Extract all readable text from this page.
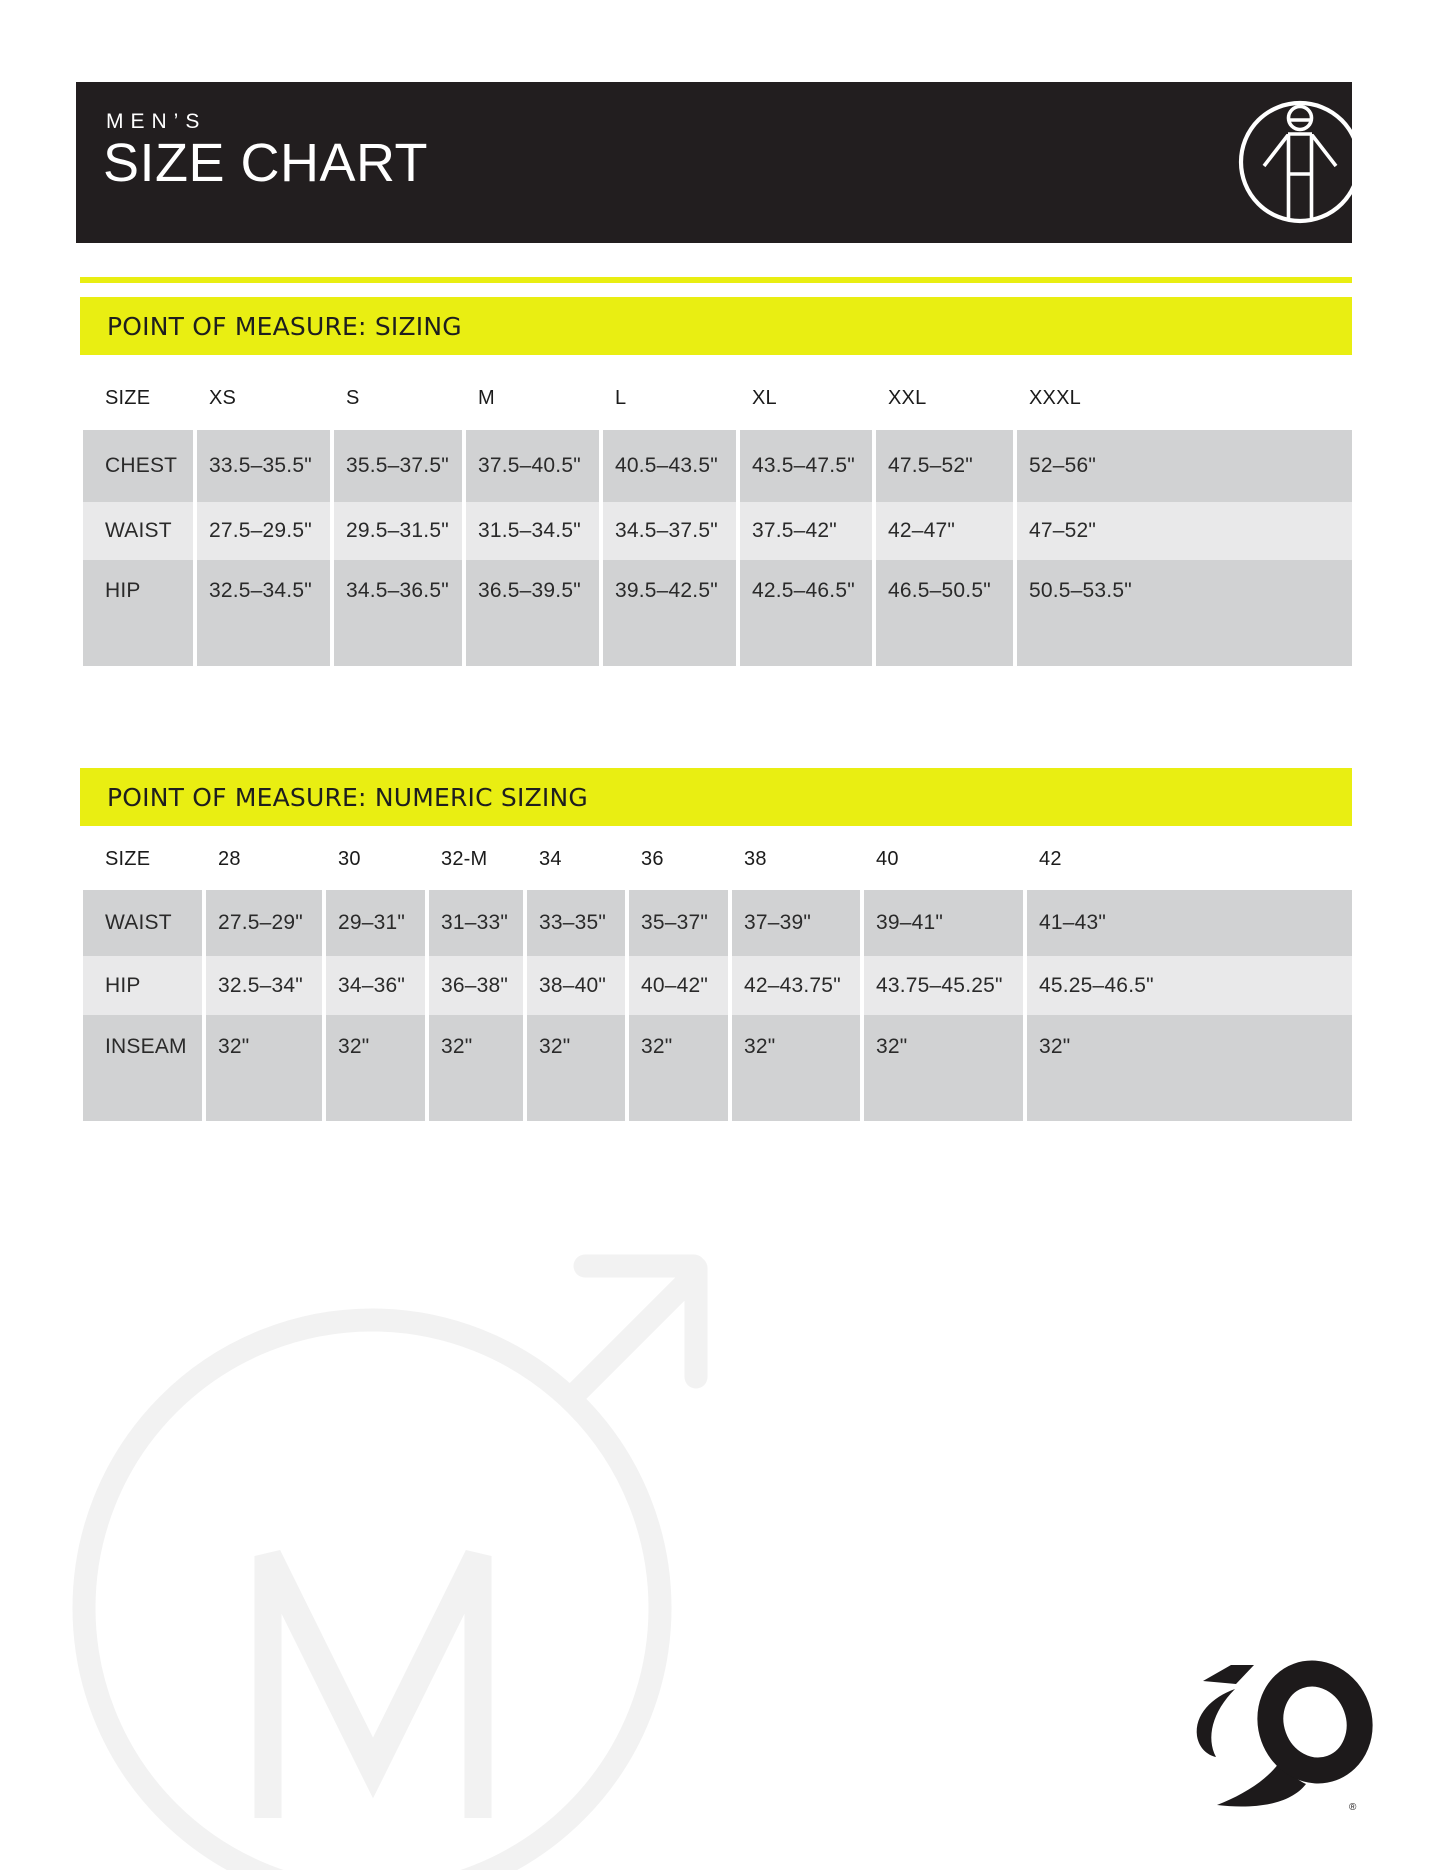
MEN’S
SIZE CHART
POINT OF MEASURE: SIZING
SIZE	XS	S	M	L	XL	XXL	XXXL
CHEST	33.5–35.5"	35.5–37.5"	37.5–40.5"	40.5–43.5"	43.5–47.5"	47.5–52"	52–56"
WAIST	27.5–29.5"	29.5–31.5"	31.5–34.5"	34.5–37.5"	37.5–42"	42–47"	47–52"
HIP	32.5–34.5"	34.5–36.5"	36.5–39.5"	39.5–42.5"	42.5–46.5"	46.5–50.5"	50.5–53.5"
POINT OF MEASURE: NUMERIC SIZING
SIZE	28	30	32-M	34	36	38	40	42
WAIST	27.5–29"	29–31"	31–33"	33–35"	35–37"	37–39"	39–41"	41–43"
HIP	32.5–34"	34–36"	36–38"	38–40"	40–42"	42–43.75"	43.75–45.25"	45.25–46.5"
INSEAM	32"	32"	32"	32"	32"	32"	32"	32"
®
